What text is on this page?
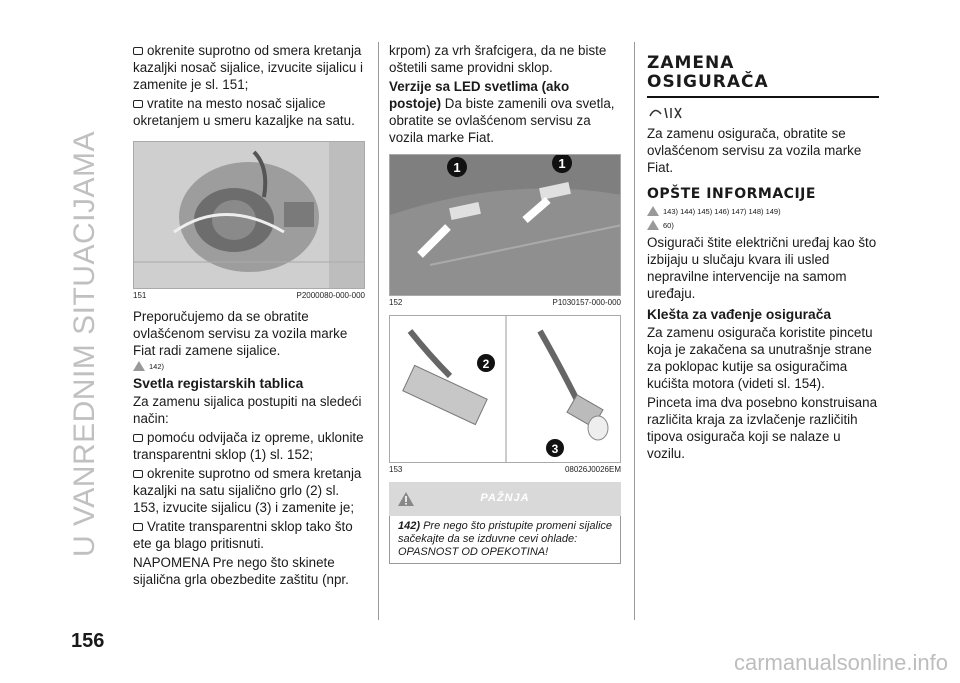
U VANREDNIM SITUACIJAMA

okrenite suprotno od smera kretanja kazaljki nosač sijalice, izvucite sijalicu i zamenite je sl. 151;

vratite na mesto nosač sijalice okretanjem u smeru kazaljke na satu.

151	P2000080-000-000

Preporučujemo da se obratite ovlašćenom servisu za vozila marke Fiat radi zamene sijalice.

142)
Svetla registarskih tablica

Za zamenu sijalica postupiti na sledeći način:

pomoću odvijača iz opreme, uklonite transparentni sklop (1) sl. 152;

okrenite suprotno od smera kretanja kazaljki na satu sijalično grlo (2) sl. 153, izvucite sijalicu (3) i zamenite je;

Vratite transparentni sklop tako što ete ga blago pritisnuti.

NAPOMENA Pre nego što skinete sijalična grla obezbedite zaštitu (npr.

krpom) za vrh šrafcigera, da ne biste oštetili same providni sklop.

Verzije sa LED svetlima (ako postoje) Da biste zamenili ova svetla, obratite se ovlašćenom servisu za vozila marke Fiat.

1	1
152	P1030157-000-000
2
3
153	08026J0026EM
PAŽNJA
142) Pre nego što pristupite promeni sijalice sačekajte da se izduvne cevi ohlade: OPASNOST OD OPEKOTINA!
ZAMENA OSIGURAČA

Za zamenu osigurača, obratite se ovlašćenom servisu za vozila marke Fiat.

OPŠTE INFORMACIJE
143) 144) 145) 146) 147) 148) 149)
60)

Osigurači štite električni uređaj kao što izbijaju u slučaju kvara ili usled nepravilne intervencije na samom uređaju.

Klešta za vađenje osigurača

Za zamenu osigurača koristite pincetu koja je zakačena sa unutrašnje strane za poklopac kutije sa osiguračima kućišta motora (videti sl. 154).

Pinceta ima dva posebno konstruisana različita kraja za izvlačenje različitih tipova osigurača koji se nalaze u vozilu.

156
carmanualsonline.info
